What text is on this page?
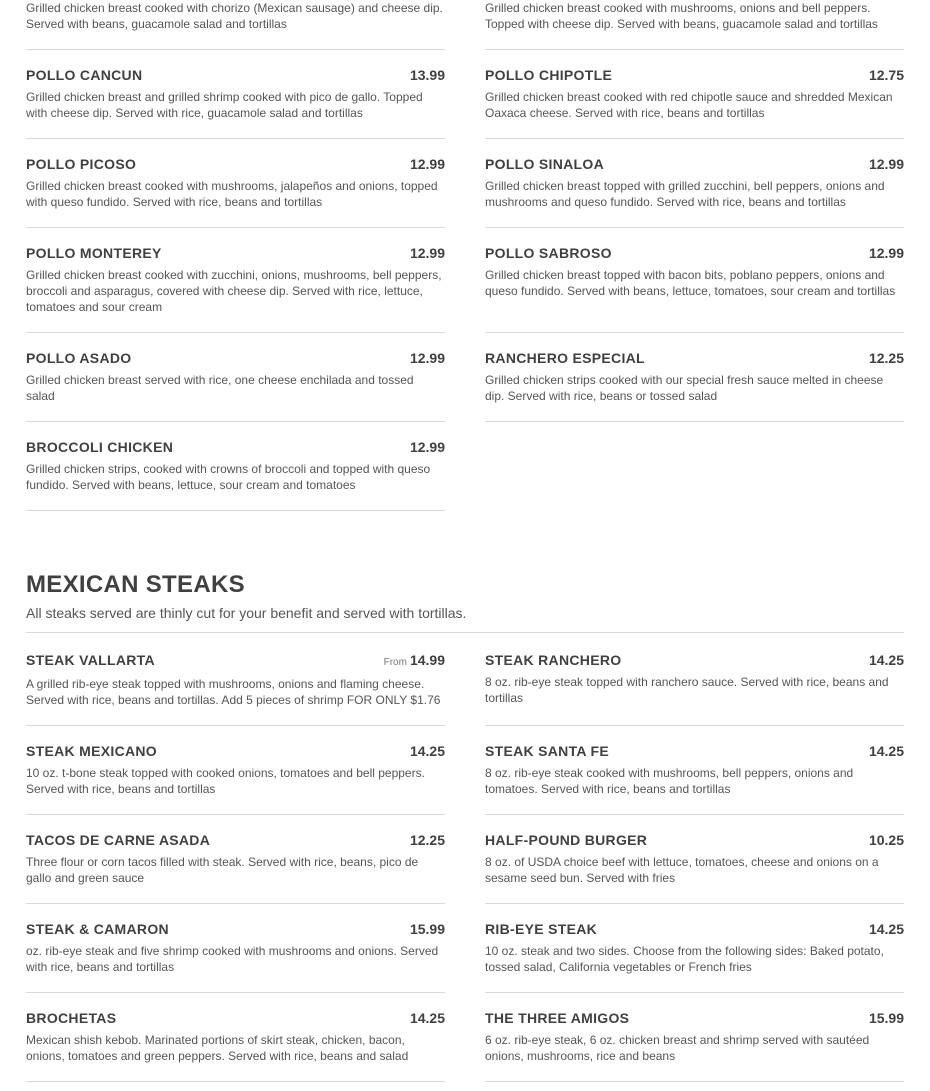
Grilled chicken breast cooked with chorizo (Mexican sausage) and cheese dip. Served with beans, guacamole salad and tortillas
Grilled chicken breast cooked with mushrooms, onions and bell peppers. Topped with cheese dip. Served with beans, guacamole salad and tortillas
POLLO CANCUN	13.99
Grilled chicken breast and grilled shrimp cooked with pico de gallo. Topped with cheese dip. Served with rice, guacamole salad and tortillas
POLLO CHIPOTLE	12.75
Grilled chicken breast cooked with red chipotle sauce and shredded Mexican Oaxaca cheese. Served with rice, beans and tortillas
POLLO PICOSO	12.99
Grilled chicken breast cooked with mushrooms, jalapeños and onions, topped with queso fundido. Served with rice, beans and tortillas
POLLO SINALOA	12.99
Grilled chicken breast topped with grilled zucchini, bell peppers, onions and mushrooms and queso fundido. Served with rice, beans and tortillas
POLLO MONTEREY	12.99
Grilled chicken breast cooked with zucchini, onions, mushrooms, bell peppers, broccoli and asparagus, covered with cheese dip. Served with rice, lettuce, tomatoes and sour cream
POLLO SABROSO	12.99
Grilled chicken breast topped with bacon bits, poblano peppers, onions and queso fundido. Served with beans, lettuce, tomatoes, sour cream and tortillas
POLLO ASADO	12.99
Grilled chicken breast served with rice, one cheese enchilada and tossed salad
RANCHERO ESPECIAL	12.25
Grilled chicken strips cooked with our special fresh sauce melted in cheese dip. Served with rice, beans or tossed salad
BROCCOLI CHICKEN	12.99
Grilled chicken strips, cooked with crowns of broccoli and topped with queso fundido. Served with beans, lettuce, sour cream and tomatoes
MEXICAN STEAKS
All steaks served are thinly cut for your benefit and served with tortillas.
STEAK VALLARTA	From 14.99
A grilled rib-eye steak topped with mushrooms, onions and flaming cheese. Served with rice, beans and tortillas. Add 5 pieces of shrimp FOR ONLY $1.76
STEAK RANCHERO	14.25
8 oz. rib-eye steak topped with ranchero sauce. Served with rice, beans and tortillas
STEAK MEXICANO	14.25
10 oz. t-bone steak topped with cooked onions, tomatoes and bell peppers. Served with rice, beans and tortillas
STEAK SANTA FE	14.25
8 oz. rib-eye steak cooked with mushrooms, bell peppers, onions and tomatoes. Served with rice, beans and tortillas
TACOS DE CARNE ASADA	12.25
Three flour or corn tacos filled with steak. Served with rice, beans, pico de gallo and green sauce
HALF-POUND BURGER	10.25
8 oz. of USDA choice beef with lettuce, tomatoes, cheese and onions on a sesame seed bun. Served with fries
STEAK & CAMARON	15.99
oz. rib-eye steak and five shrimp cooked with mushrooms and onions. Served with rice, beans and tortillas
RIB-EYE STEAK	14.25
10 oz. steak and two sides. Choose from the following sides: Baked potato, tossed salad, California vegetables or French fries
BROCHETAS	14.25
Mexican shish kebob. Marinated portions of skirt steak, chicken, bacon, onions, tomatoes and green peppers. Served with rice, beans and salad
THE THREE AMIGOS	15.99
6 oz. rib-eye steak, 6 oz. chicken breast and shrimp served with sautéed onions, mushrooms, rice and beans
